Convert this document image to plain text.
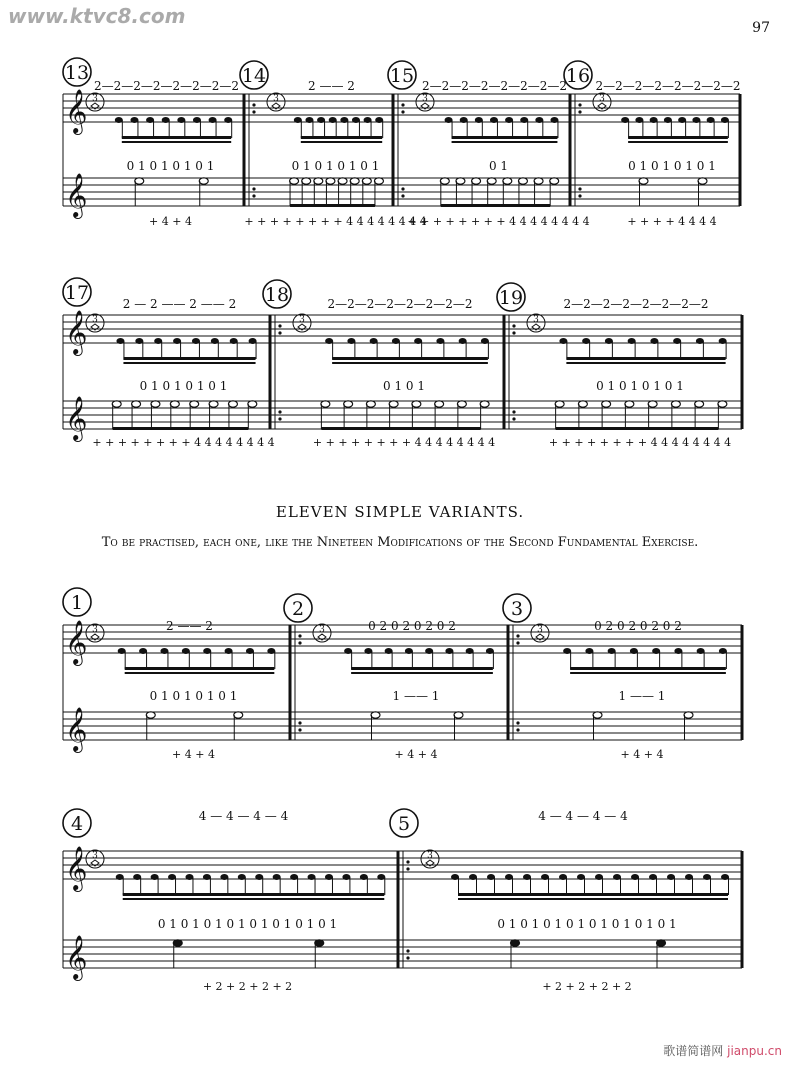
www.ktvc8.com	97
𝄞
𝄞
13
3
2—2—2—2—2—2—2—2
0 1 0 1 0 1 0 1
+ 4 + 4
14
3
2 —— 2
0 1 0 1 0 1 0 1
+ + + + + + + + 4 4 4 4 4 4 4 4
15
3
2—2—2—2—2—2—2—2
0 1
+ + + + + + + + 4 4 4 4 4 4 4 4
16
3
2—2—2—2—2—2—2—2
0 1 0 1 0 1 0 1
+ + + + 4 4 4 4
𝄞
𝄞
17
3
2 — 2 —— 2 —— 2
0 1 0 1 0 1 0 1
+ + + + + + + + 4 4 4 4 4 4 4 4
18
3
2—2—2—2—2—2—2—2
0 1 0 1
+ + + + + + + + 4 4 4 4 4 4 4 4
19
3
2—2—2—2—2—2—2—2
0 1 0 1 0 1 0 1
+ + + + + + + + 4 4 4 4 4 4 4 4
𝄞
𝄞
1
3	2 —— 2
0 1 0 1 0 1 0 1
+ 4 + 4
2
3	0 2 0 2 0 2 0 2
1 —— 1
+ 4 + 4
3
3	0 2 0 2 0 2 0 2
1 —— 1
+ 4 + 4
𝄞
𝄞
4
3
4 — 4 — 4 — 4
0 1 0 1 0 1 0 1 0 1 0 1 0 1 0 1
+ 2 + 2 + 2 + 2
5
3
4 — 4 — 4 — 4
0 1 0 1 0 1 0 1 0 1 0 1 0 1 0 1
+ 2 + 2 + 2 + 2
ELEVEN SIMPLE VARIANTS.
To be practised, each one, like the Nineteen Modifications of the Second Fundamental Exercise.
歌谱简谱网 jianpu.cn
